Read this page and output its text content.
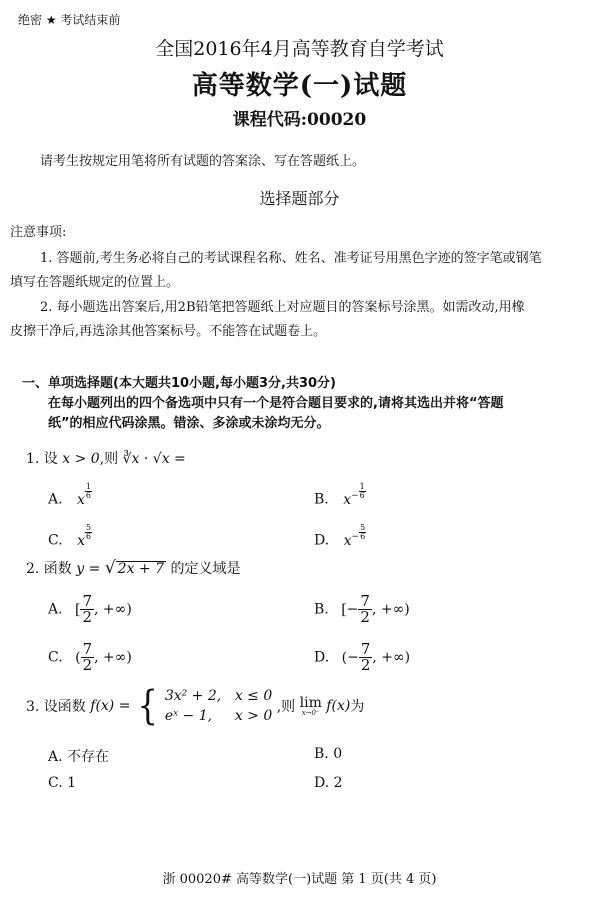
绝密 ★ 考试结束前
全国2016年4月高等教育自学考试
高等数学(一)试题
课程代码:00020
请考生按规定用笔将所有试题的答案涂、写在答题纸上。
选择题部分
注意事项:
1. 答题前,考生务必将自己的考试课程名称、姓名、准考证号用黑色字迹的签字笔或钢笔
填写在答题纸规定的位置上。
2. 每小题选出答案后,用2B铅笔把答题纸上对应题目的答案标号涂黑。如需改动,用橡
皮擦干净后,再选涂其他答案标号。不能答在试题卷上。
一、单项选择题(本大题共10小题,每小题3分,共30分)
在每小题列出的四个备选项中只有一个是符合题目要求的,请将其选出并将“答题
纸”的相应代码涂黑。错涂、多涂或未涂均无分。
1. 设 x > 0,则 ∛x · √x =
A. x $\frac{1}{6}$	B. $x^- \frac{1}{6}$
C. x $\frac{5}{6}$	D. $x^- \frac{5}{6}$
2. 函数 y = √ 2x + 7 的定义域是
A. [ $\frac{7}{2}$ , +∞)	B. [− $\frac{7}{2}$ , +∞)
C. ( $\frac{7}{2}$ , +∞)	D. (− $\frac{7}{2}$ , +∞)
3. 设函数 f(x) = { 3x² + 2, x ≤ 0
eˣ − 1, x > 0
,则 lim
x→0⁻ f(x)为
A. 不存在	B. 0
C. 1	D. 2
浙 00020# 高等数学(一)试题 第 1 页(共 4 页)
